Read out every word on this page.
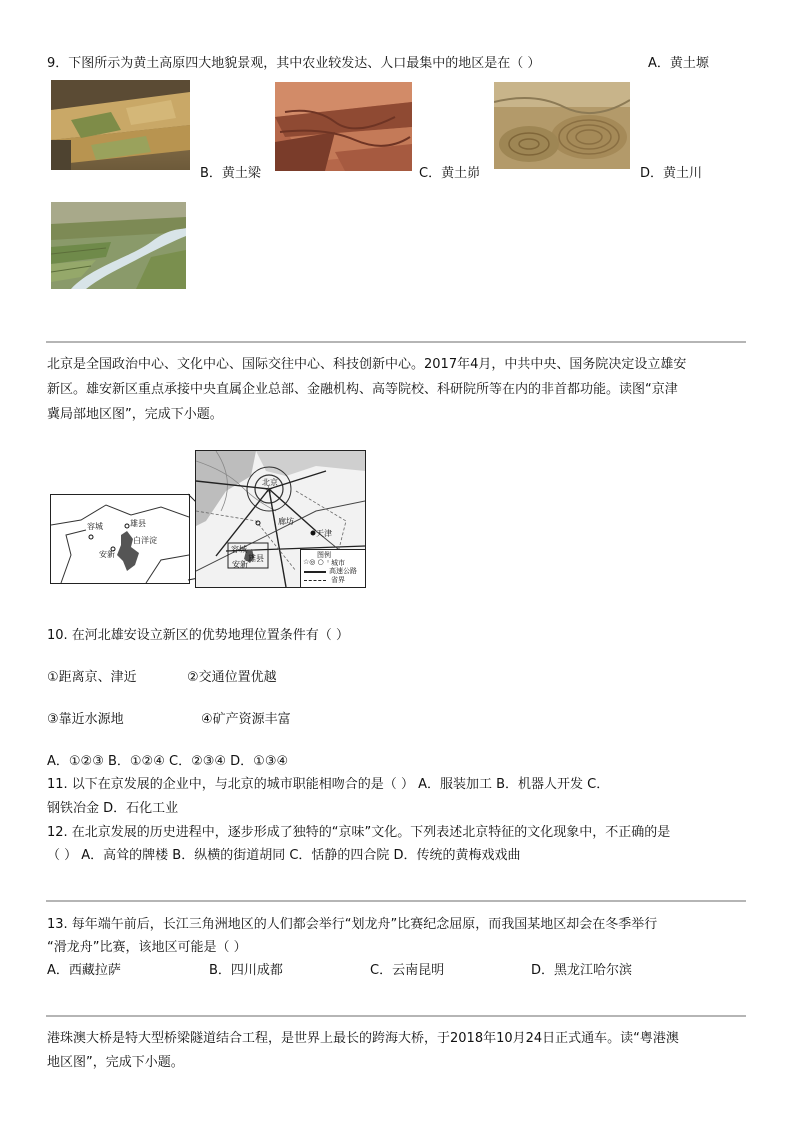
9．下图所示为黄土高原四大地貌景观，其中农业较发达、人口最集中的地区是在（ ）	A．黄土塬
B．黄土梁	C．黄土峁	D．黄土川
北京是全国政治中心、文化中心、国际交往中心、科技创新中心。2017年4月，中共中央、国务院决定设立雄安
新区。雄安新区重点承接中央直属企业总部、金融机构、高等院校、科研院所等在内的非首都功能。读图“京津
冀局部地区图”，完成下小题。
容城	雄县
白洋淀
安新
☆
北京
天津
廊坊
雄县
容城
安新
图例
☆◎ ○ ◦ 城市
高速公路
省界
10. 在河北雄安设立新区的优势地理位置条件有（ ）
①距离京、津近	②交通位置优越
③靠近水源地	④矿产资源丰富
A．①②③ B．①②④ C．②③④ D．①③④
11. 以下在京发展的企业中，与北京的城市职能相吻合的是（ ） A．服装加工 B．机器人开发 C．
钢铁冶金 D．石化工业
12. 在北京发展的历史进程中，逐步形成了独特的“京味”文化。下列表述北京特征的文化现象中，不正确的是
（ ） A．高耸的牌楼 B．纵横的街道胡同 C．恬静的四合院 D．传统的黄梅戏戏曲
13. 每年端午前后，长江三角洲地区的人们都会举行“划龙舟”比赛纪念屈原，而我国某地区却会在冬季举行
“滑龙舟”比赛，该地区可能是（ ）
A．西藏拉萨	B．四川成都	C．云南昆明	D．黑龙江哈尔滨
港珠澳大桥是特大型桥梁隧道结合工程，是世界上最长的跨海大桥，于2018年10月24日正式通车。读“粤港澳
地区图”，完成下小题。
